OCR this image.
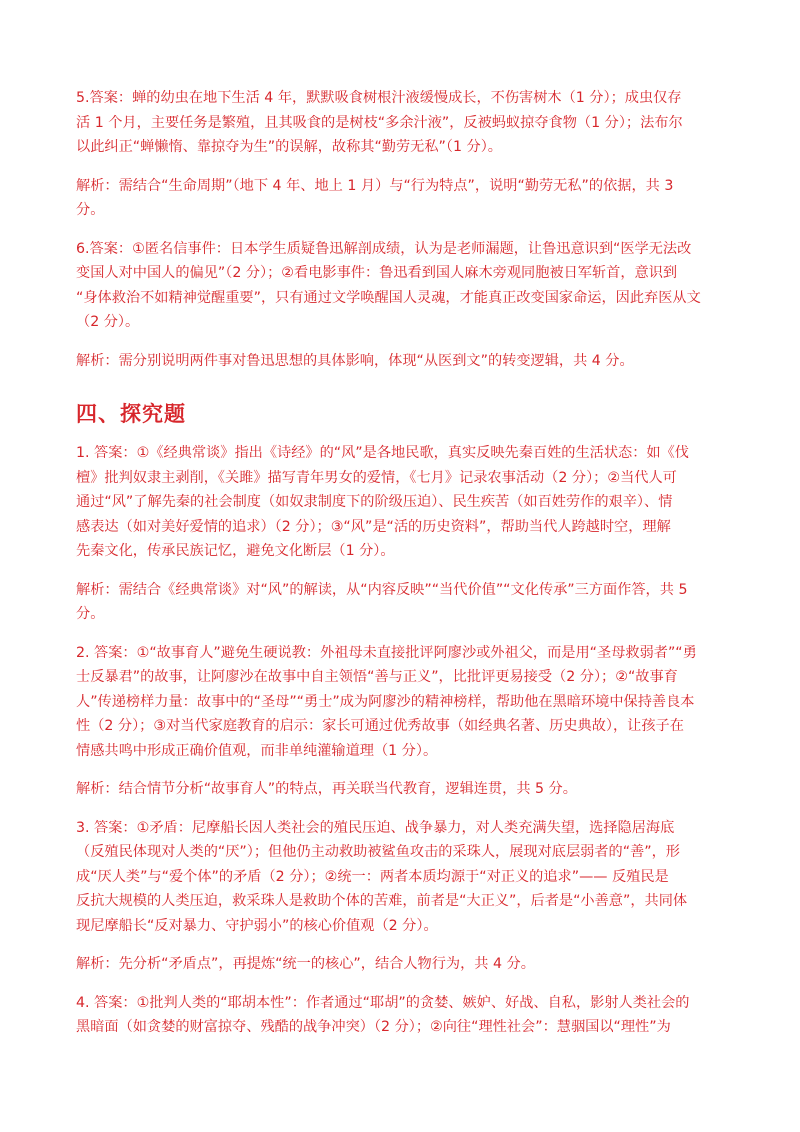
5.答案：蝉的幼虫在地下生活 4 年，默默吸食树根汁液缓慢成长，不伤害树木（1 分）；成虫仅存
活 1 个月，主要任务是繁殖，且其吸食的是树枝“多余汁液”，反被蚂蚁掠夺食物（1 分）；法布尔
以此纠正“蝉懒惰、靠掠夺为生”的误解，故称其“勤劳无私”（1 分）。
解析：需结合“生命周期”（地下 4 年、地上 1 月）与“行为特点”，说明“勤劳无私”的依据，共 3
分。
6.答案：①匿名信事件：日本学生质疑鲁迅解剖成绩，认为是老师漏题，让鲁迅意识到“医学无法改
变国人对中国人的偏见”（2 分）；②看电影事件：鲁迅看到国人麻木旁观同胞被日军斩首，意识到
“身体救治不如精神觉醒重要”，只有通过文学唤醒国人灵魂，才能真正改变国家命运，因此弃医从文
（2 分）。
解析：需分别说明两件事对鲁迅思想的具体影响，体现“从医到文”的转变逻辑，共 4 分。
四、探究题
1. 答案：①《经典常谈》指出《诗经》的“风”是各地民歌，真实反映先秦百姓的生活状态：如《伐
檀》批判奴隶主剥削，《关雎》描写青年男女的爱情，《七月》记录农事活动（2 分）；②当代人可
通过“风”了解先秦的社会制度（如奴隶制度下的阶级压迫）、民生疾苦（如百姓劳作的艰辛）、情
感表达（如对美好爱情的追求）（2 分）；③“风”是“活的历史资料”，帮助当代人跨越时空，理解
先秦文化，传承民族记忆，避免文化断层（1 分）。
解析：需结合《经典常谈》对“风”的解读，从“内容反映”“当代价值”“文化传承”三方面作答，共 5
分。
2. 答案：①“故事育人”避免生硬说教：外祖母未直接批评阿廖沙或外祖父，而是用“圣母救弱者”“勇
士反暴君”的故事，让阿廖沙在故事中自主领悟“善与正义”，比批评更易接受（2 分）；②“故事育
人”传递榜样力量：故事中的“圣母”“勇士”成为阿廖沙的精神榜样，帮助他在黑暗环境中保持善良本
性（2 分）；③对当代家庭教育的启示：家长可通过优秀故事（如经典名著、历史典故），让孩子在
情感共鸣中形成正确价值观，而非单纯灌输道理（1 分）。
解析：结合情节分析“故事育人”的特点，再关联当代教育，逻辑连贯，共 5 分。
3. 答案：①矛盾：尼摩船长因人类社会的殖民压迫、战争暴力，对人类充满失望，选择隐居海底
（反殖民体现对人类的“厌”）；但他仍主动救助被鲨鱼攻击的采珠人，展现对底层弱者的“善”，形
成“厌人类”与“爱个体”的矛盾（2 分）；②统一：两者本质均源于“对正义的追求”—— 反殖民是
反抗大规模的人类压迫，救采珠人是救助个体的苦难，前者是“大正义”，后者是“小善意”，共同体
现尼摩船长“反对暴力、守护弱小”的核心价值观（2 分）。
解析：先分析“矛盾点”，再提炼“统一的核心”，结合人物行为，共 4 分。
4. 答案：①批判人类的“耶胡本性”：作者通过“耶胡”的贪婪、嫉妒、好战、自私，影射人类社会的
黑暗面（如贪婪的财富掠夺、残酷的战争冲突）（2 分）；②向往“理性社会”：慧骃国以“理性”为
